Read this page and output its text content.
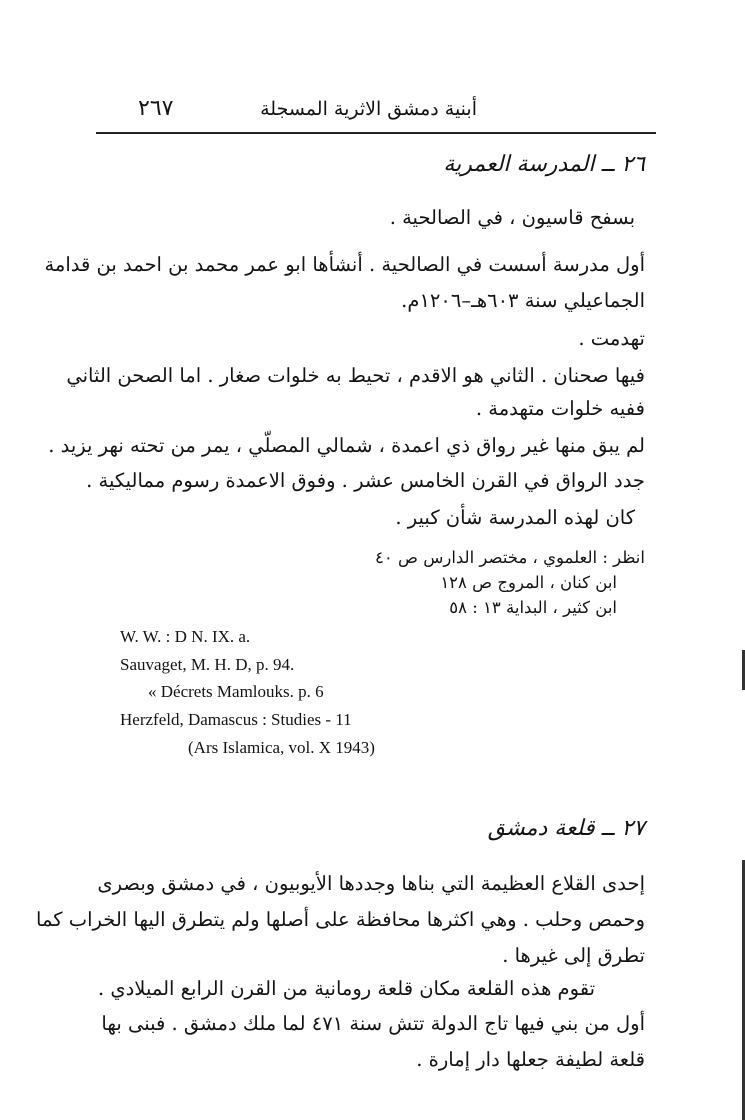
أبنية دمشق الاثرية المسجلة
٢٦٧
٢٦ ــ المدرسة العمرية
بسفح قاسيون ، في الصالحية .
أول مدرسة أسست في الصالحية . أنشأها ابو عمر محمد بن احمد بن قدامة
الجماعيلي سنة ٦٠٣هـ–١٢٠٦م.
تهدمت .
فيها صحنان . الثاني هو الاقدم ، تحيط به خلوات صغار . اما الصحن الثاني
ففيه خلوات متهدمة .
لم يبق منها غير رواق ذي اعمدة ، شمالي المصلّي ، يمر من تحته نهر يزيد .
جدد الرواق في القرن الخامس عشر . وفوق الاعمدة رسوم مماليكية .
كان لهذه المدرسة شأن كبير .
انظر : العلموي ، مختصر الدارس ص ٤٠
ابن كنان ، المروج ص ١٢٨
ابن كثير ، البداية ١٣ : ٥٨
W. W. : D N. IX. a.
Sauvaget, M. H. D, p. 94.
« Décrets Mamlouks. p. 6
Herzfeld, Damascus : Studies - 11
(Ars Islamica, vol. X 1943)
٢٧ ــ قلعة دمشق
إحدى القلاع العظيمة التي بناها وجددها الأيوبيون ، في دمشق وبصرى
وحمص وحلب . وهي اكثرها محافظة على أصلها ولم يتطرق اليها الخراب كما
تطرق إلى غيرها .
تقوم هذه القلعة مكان قلعة رومانية من القرن الرابع الميلادي .
أول من بني فيها تاج الدولة تتش سنة ٤٧١ لما ملك دمشق . فبنى بها
قلعة لطيفة جعلها دار إمارة .
